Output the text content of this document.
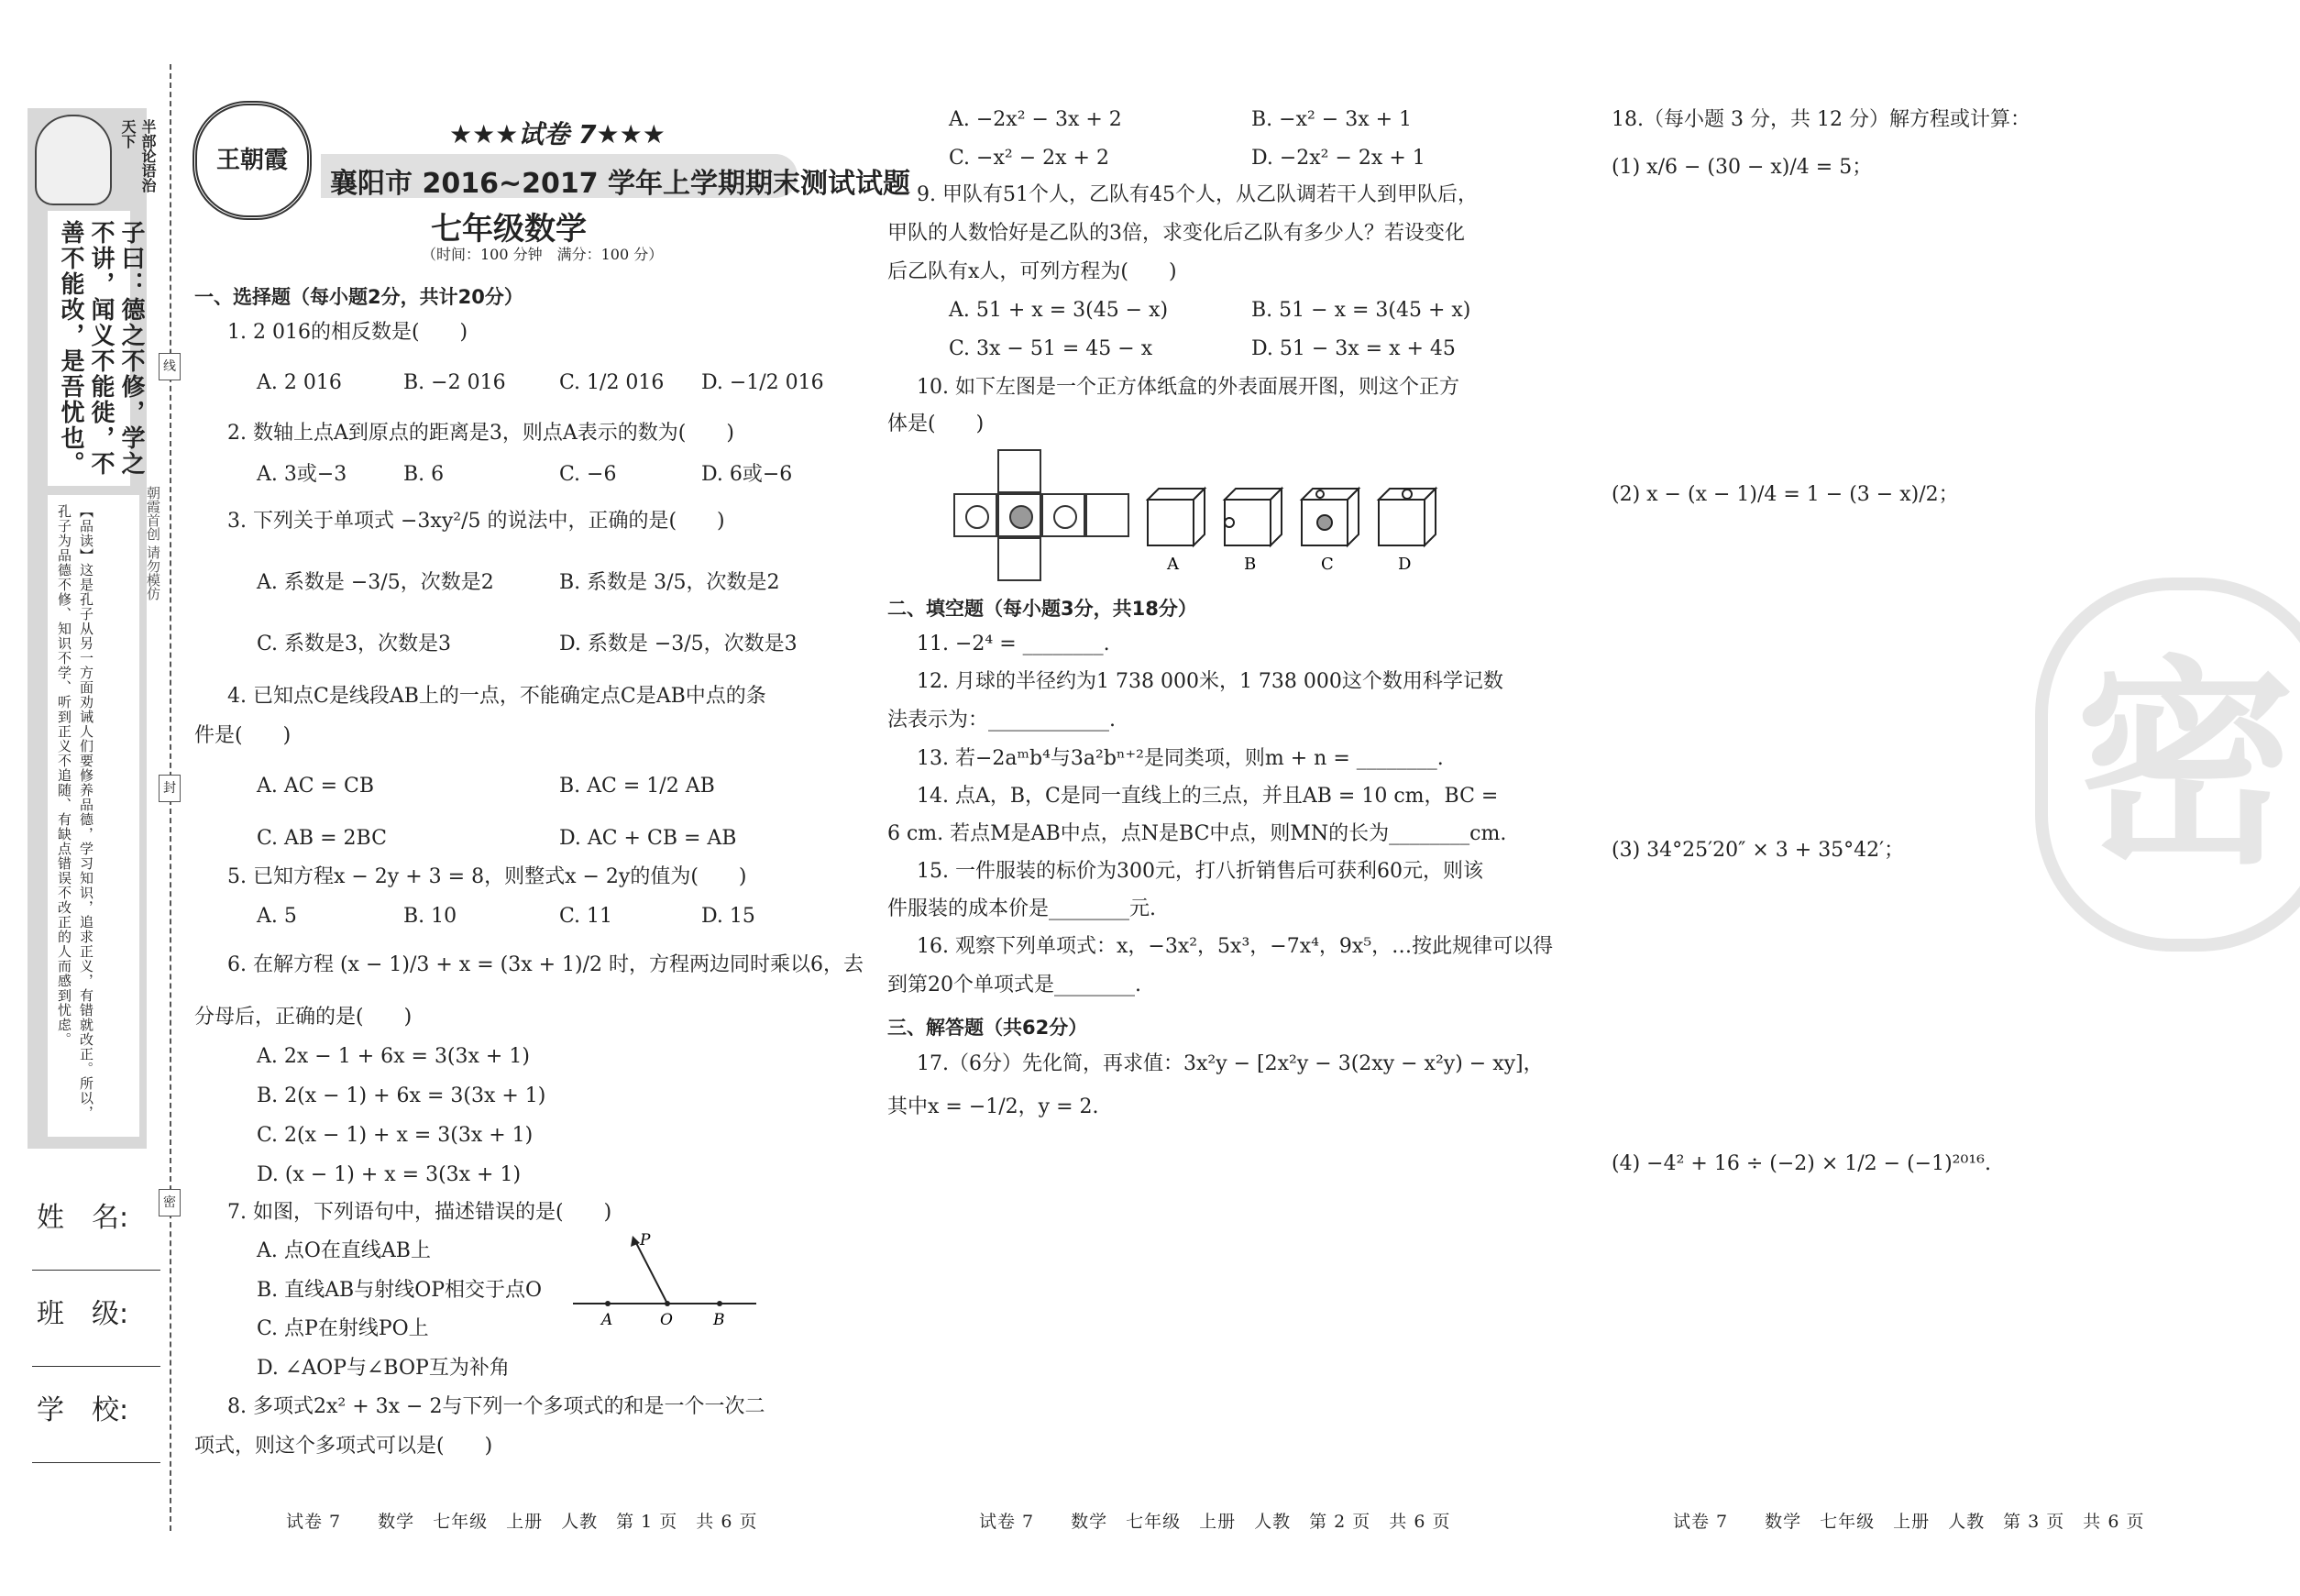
线
封
密
半部论语治天下
子曰：德之不修，学之不讲，闻义不能徙，不善不能改，是吾忧也。
【品读】这是孔子从另一方面劝诫人们要修养品德，学习知识，追求正义，有错就改正。所以，孔子为品德不修、知识不学、听到正义不追随、有缺点错误不改正的人而感到忧虑。	朝霞首创 请勿模仿
姓　名:
班　级:
学　校:
王朝霞
★★★试卷 7★★★
襄阳市 2016~2017 学年上学期期末测试试题
七年级数学
（时间：100 分钟　满分：100 分）
一、选择题（每小题2分，共计20分）
1. 2 016的相反数是(　　)
A. 2 016	B. −2 016	C. 1/2 016 D. −1/2 016
2. 数轴上点A到原点的距离是3，则点A表示的数为(　　)
A. 3或−3	B. 6	C. −6	D. 6或−6
3. 下列关于单项式 −3xy²/5 的说法中，正确的是(　　)
A. 系数是 −3/5，次数是2	B. 系数是 3/5，次数是2
C. 系数是3，次数是3	D. 系数是 −3/5，次数是3
4. 已知点C是线段AB上的一点，不能确定点C是AB中点的条
件是(　　)
A. AC = CB	B. AC = 1/2 AB
C. AB = 2BC	D. AC + CB = AB
5. 已知方程x − 2y + 3 = 8，则整式x − 2y的值为(　　)
A. 5	B. 10	C. 11	D. 15
6. 在解方程 (x − 1)/3 + x = (3x + 1)/2 时，方程两边同时乘以6，去
分母后，正确的是(　　)
A. 2x − 1 + 6x = 3(3x + 1)
B. 2(x − 1) + 6x = 3(3x + 1)
C. 2(x − 1) + x = 3(3x + 1)
D. (x − 1) + x = 3(3x + 1)
7. 如图，下列语句中，描述错误的是(　　)
A. 点O在直线AB上
B. 直线AB与射线OP相交于点O
C. 点P在射线PO上
D. ∠AOP与∠BOP互为补角
P
A	O	B
8. 多项式2x² + 3x − 2与下列一个多项式的和是一个一次二
项式，则这个多项式可以是(　　)
试卷 7　　数学　七年级　上册　人教　第 1 页　共 6 页
A. −2x² − 3x + 2	B. −x² − 3x + 1
C. −x² − 2x + 2	D. −2x² − 2x + 1
9. 甲队有51个人，乙队有45个人，从乙队调若干人到甲队后，
甲队的人数恰好是乙队的3倍，求变化后乙队有多少人？若设变化
后乙队有x人，可列方程为(　　)
A. 51 + x = 3(45 − x)	B. 51 − x = 3(45 + x)
C. 3x − 51 = 45 − x	D. 51 − 3x = x + 45
10. 如下左图是一个正方体纸盒的外表面展开图，则这个正方
体是(　　)
A	B	C	D
二、填空题（每小题3分，共18分）
11. −2⁴ = ________.
12. 月球的半径约为1 738 000米，1 738 000这个数用科学记数
法表示为：____________.
13. 若−2aᵐb⁴与3a²bⁿ⁺²是同类项，则m + n = ________.
14. 点A，B，C是同一直线上的三点，并且AB = 10 cm，BC =
6 cm. 若点M是AB中点，点N是BC中点，则MN的长为________cm.
15. 一件服装的标价为300元，打八折销售后可获利60元，则该
件服装的成本价是________元.
16. 观察下列单项式：x，−3x²，5x³，−7x⁴，9x⁵，…按此规律可以得
到第20个单项式是________.
三、解答题（共62分）
17.（6分）先化简，再求值：3x²y − [2x²y − 3(2xy − x²y) − xy]，
其中x = −1/2，y = 2.
试卷 7　　数学　七年级　上册　人教　第 2 页　共 6 页
密
18.（每小题 3 分，共 12 分）解方程或计算：
(1) x/6 − (30 − x)/4 = 5；
(2) x − (x − 1)/4 = 1 − (3 − x)/2；
(3) 34°25′20″ × 3 + 35°42′；
(4) −4² + 16 ÷ (−2) × 1/2 − (−1)²⁰¹⁶.
试卷 7　　数学　七年级　上册　人教　第 3 页　共 6 页
